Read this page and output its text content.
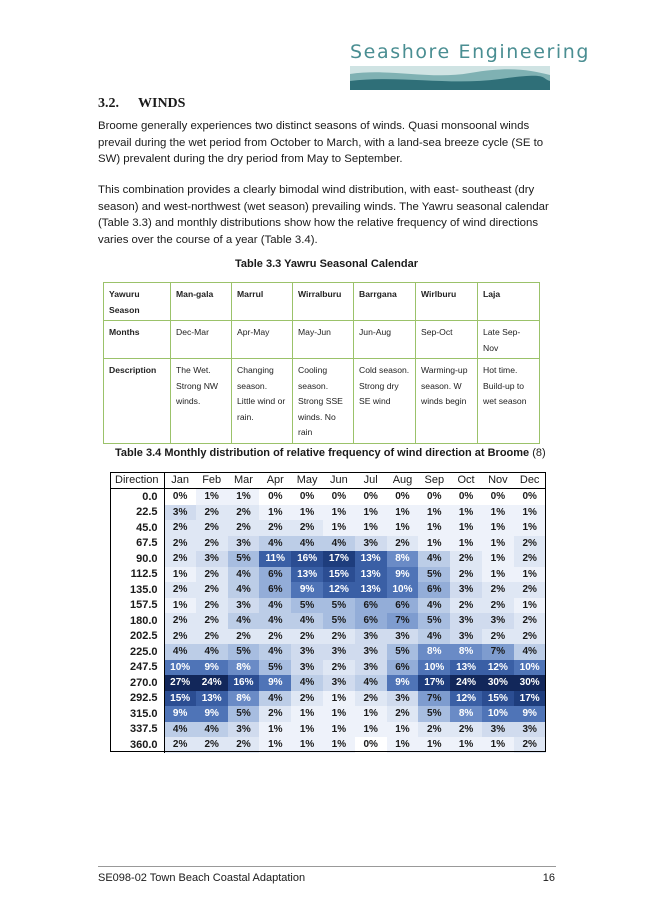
Seashore Engineering
3.2. WINDS
Broome generally experiences two distinct seasons of winds. Quasi monsoonal winds prevail during the wet period from October to March, with a land-sea breeze cycle (SE to SW) prevalent during the dry period from May to September.
This combination provides a clearly bimodal wind distribution, with east- southeast (dry season) and west-northwest (wet season) prevailing winds. The Yawru seasonal calendar (Table 3.3) and monthly distributions show how the relative frequency of wind directions varies over the course of a year (Table 3.4).
Table 3.3 Yawru Seasonal Calendar
Yawuru Season	Man-gala	Marrul	Wirralburu	Barrgana	Wirlburu	Laja
Months	Dec-Mar	Apr-May	May-Jun	Jun-Aug	Sep-Oct	Late Sep-Nov
Description	The Wet. Strong NW winds.	Changing season. Little wind or rain.	Cooling season. Strong SSE winds. No rain	Cold season. Strong dry SE wind	Warming-up season. W winds begin	Hot time. Build-up to wet season
Table 3.4 Monthly distribution of relative frequency of wind direction at Broome (8)
Direction	Jan	Feb	Mar	Apr	May	Jun	Jul	Aug	Sep	Oct	Nov	Dec
0.0	0%	1%	1%	0%	0%	0%	0%	0%	0%	0%	0%	0%
22.5	3%	2%	2%	1%	1%	1%	1%	1%	1%	1%	1%	1%
45.0	2%	2%	2%	2%	2%	1%	1%	1%	1%	1%	1%	1%
67.5	2%	2%	3%	4%	4%	4%	3%	2%	1%	1%	1%	2%
90.0	2%	3%	5%	11%	16%	17%	13%	8%	4%	2%	1%	2%
112.5	1%	2%	4%	6%	13%	15%	13%	9%	5%	2%	1%	1%
135.0	2%	2%	4%	6%	9%	12%	13%	10%	6%	3%	2%	2%
157.5	1%	2%	3%	4%	5%	5%	6%	6%	4%	2%	2%	1%
180.0	2%	2%	4%	4%	4%	5%	6%	7%	5%	3%	3%	2%
202.5	2%	2%	2%	2%	2%	2%	3%	3%	4%	3%	2%	2%
225.0	4%	4%	5%	4%	3%	3%	3%	5%	8%	8%	7%	4%
247.5	10%	9%	8%	5%	3%	2%	3%	6%	10%	13%	12%	10%
270.0	27%	24%	16%	9%	4%	3%	4%	9%	17%	24%	30%	30%
292.5	15%	13%	8%	4%	2%	1%	2%	3%	7%	12%	15%	17%
315.0	9%	9%	5%	2%	1%	1%	1%	2%	5%	8%	10%	9%
337.5	4%	4%	3%	1%	1%	1%	1%	1%	2%	2%	3%	3%
360.0	2%	2%	2%	1%	1%	1%	0%	1%	1%	1%	1%	2%
SE098-02 Town Beach Coastal Adaptation	16
